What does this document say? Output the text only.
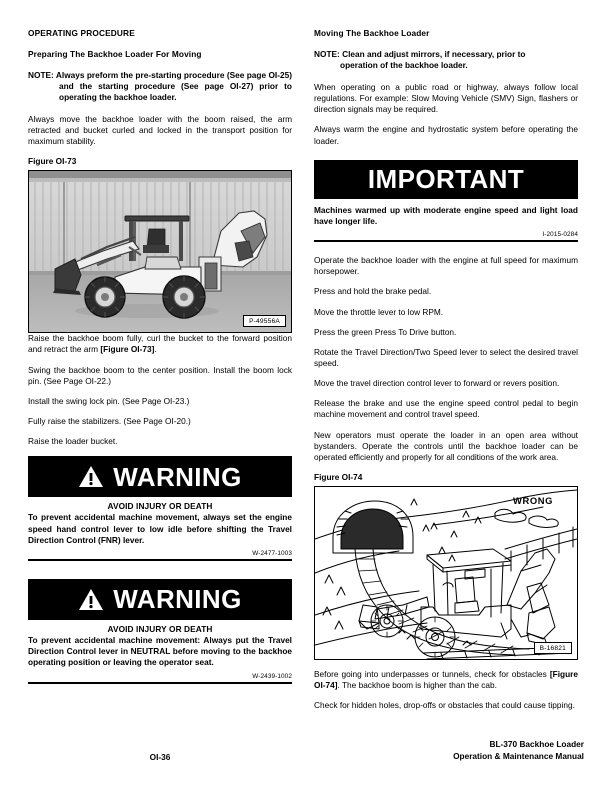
OPERATING PROCEDURE
Preparing The Backhoe Loader For Moving
NOTE: Always preform the pre-starting procedure (See page OI-25) and the starting procedure (See page OI-27) prior to operating the backhoe loader.

Always move the backhoe loader with the boom raised, the arm retracted and bucket curled and locked in the transport position for maximum stability.

Figure OI-73
P-49556A

Raise the backhoe boom fully, curl the bucket to the forward position and retract the arm [Figure OI-73].

Swing the backhoe boom to the center position. Install the boom lock pin. (See Page OI-22.)

Install the swing lock pin. (See Page OI-23.)

Fully raise the stabilizers. (See Page OI-20.)

Raise the loader bucket.

WARNING
AVOID INJURY OR DEATH
To prevent accidental machine movement, always set the engine speed hand control lever to low idle before shifting the Travel Direction Control (FNR) lever.
W-2477-1003
WARNING
AVOID INJURY OR DEATH
To prevent accidental machine movement: Always put the Travel Direction Control lever in NEUTRAL before moving to the backhoe operating position or leaving the operator seat.
W-2439-1002
Moving The Backhoe Loader
NOTE: Clean and adjust mirrors, if necessary, prior to
operation of the backhoe loader.

When operating on a public road or highway, always follow local regulations. For example: Slow Moving Vehicle (SMV) Sign, flashers or direction signals may be required.

Always warm the engine and hydrostatic system before operating the loader.

IMPORTANT
Machines warmed up with moderate engine speed and light load have longer life.
I-2015-0284

Operate the backhoe loader with the engine at full speed for maximum horsepower.

Press and hold the brake pedal.

Move the throttle lever to low RPM.

Press the green Press To Drive button.

Rotate the Travel Direction/Two Speed lever to select the desired travel speed.

Move the travel direction control lever to forward or revers position.

Release the brake and use the engine speed control pedal to begin machine movement and control travel speed.

New operators must operate the loader in an open area without bystanders. Operate the controls until the backhoe loader can be operated efficiently and properly for all conditions of the work area.

Figure OI-74
WRONG
B-16821

Before going into underpasses or tunnels, check for obstacles [Figure OI-74]. The backhoe boom is higher than the cab.

Check for hidden holes, drop-offs or obstacles that could cause tipping.

OI-36
BL-370 Backhoe Loader
Operation & Maintenance Manual
